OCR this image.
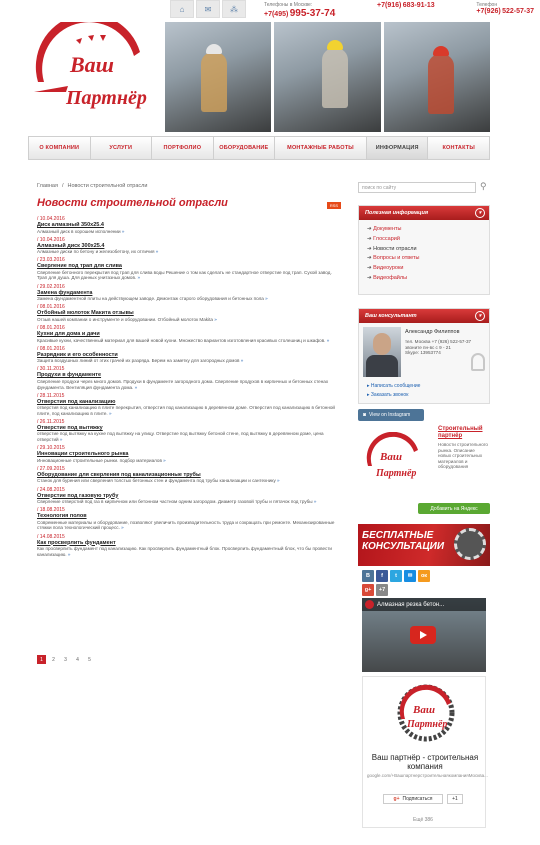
⌂	✉	⁂	Телефоны в Москве:
+7(495) 995-37-74
+7(916) 683-91-13	Телефон
+7(926) 522-57-37
Ваш
Партнёр
О КОМПАНИИ	УСЛУГИ	ПОРТФОЛИО	ОБОРУДОВАНИЕ	МОНТАЖНЫЕ РАБОТЫ	ИНФОРМАЦИЯ	КОНТАКТЫ
Главная / Новости строительной отрасли
Новости строительной отрасли	RSS
/ 10.04.2016
Диск алмазный 350x25.4
Алмазный диск в хорошем исполнении »
/ 10.04.2016
Алмазный диск 300x25.4
Алмазные диски по бетону и железобетону, их отличия »
/ 23.03.2016
Сверление под трап для слива
Сверление бетонного перекрытия под трап для слива воды Решение о том как сделать не стандартное отверстие под трап. Сухой завод. Трап для душа. Для данных унитазных домов. »
/ 29.02.2016
Замена фундамента
Замена фундаментной плиты на действующем заводе. Демонтаж старого оборудования и бетонных пола »
/ 08.01.2016
Отбойный молоток Макита отзывы
Отзыв нашей компании о инструменте и оборудовании. Отбойный молоток Makita »
/ 08.01.2016
Кухни для дома и дачи
Красивые кухни, качественный материал для вашей новой кухни. Множество вариантов изготовления красивых столешниц и шкафов. »
/ 08.01.2016
Разрядник и его особенности
Защита воздушных линий от этих грачей их разряда. Берем на заметку для загородных домов »
/ 30.11.2015
Продухи в фундаменте
Сверление продухи через много домов. Продухи в фундаменте загородного дома. Сверление продухов в кирпичных и бетонных стенах фундамента. Вентиляция фундамента дома. »
/ 28.11.2015
Отверстия под канализацию
отверстия под канализацию в плите перекрытия, отверстия под канализацию в деревянном доме. Отверстия под канализацию в бетонной плите, под канализацию в плите. »
/ 26.11.2015
Отверстие под вытяжку
отверстие под вытяжку на кухне под вытяжку на улицу. Отверстие под вытяжку бетоной стене, под вытяжку в деревянном доме, цена отверстий »
/ 29.10.2015
Инновации строительного рынка
Инновационные строительные рынки. подбор материалов »
/ 27.09.2015
Оборудование для сверления под канализационные трубы
Станок для бурения или сверления толстых бетонных стен и фундамента под трубы канализации и сантехнику »
/ 24.08.2015
Отверстие под газовую трубу
Сверление отверстий под газ в кирпичном или бетонном частном одним загородом. Диаметр газовой трубы и пятачок под трубы »
/ 18.08.2015
Технология полов
Современные материалы и оборудование, позволяют увеличить производительность труда и сокращать при ремонте. Механизированные стяжки пола технологический процесс. »
/ 14.08.2015
Как просверлить фундамент
Как просверлить фундамент под канализацию. Как просверлить фундаментный блок. Просверлить фундаментный блок, что бы провести канализацию. »
1	2	3	4	5
поиск по сайту	⚲
Полезная информация	▾
➔ Документы
➔ Глоссарий
➔ Новости отрасли
➔ Вопросы и ответы
➔ Видеоуроки
➔ Видеофайлы
Ваш консультант	▾
Александр Филиппов
тел. Москва +7 (926) 522-57-37 звоните пн-вс с 9 - 21
Skype: 13953774
▸ Написать сообщение
▸ Заказать звонок
◙ View on Instagram
Ваш
Партнёр
Строительный партнёр
Новости строительного рынка. Описание новых строительных материалов и оборудования
Добавить на Яндекс
БЕСПЛАТНЫЕ
КОНСУЛЬТАЦИИ
В	f	t	✉	ок
g+	+7
Алмазная резка бетон...
Ваш
Партнёр
Ваш партнёр - строительная компания
google.com/+ВашпартнерстроительнаякомпанияМосква...
g+ Подписаться	+1
Ещё 386
